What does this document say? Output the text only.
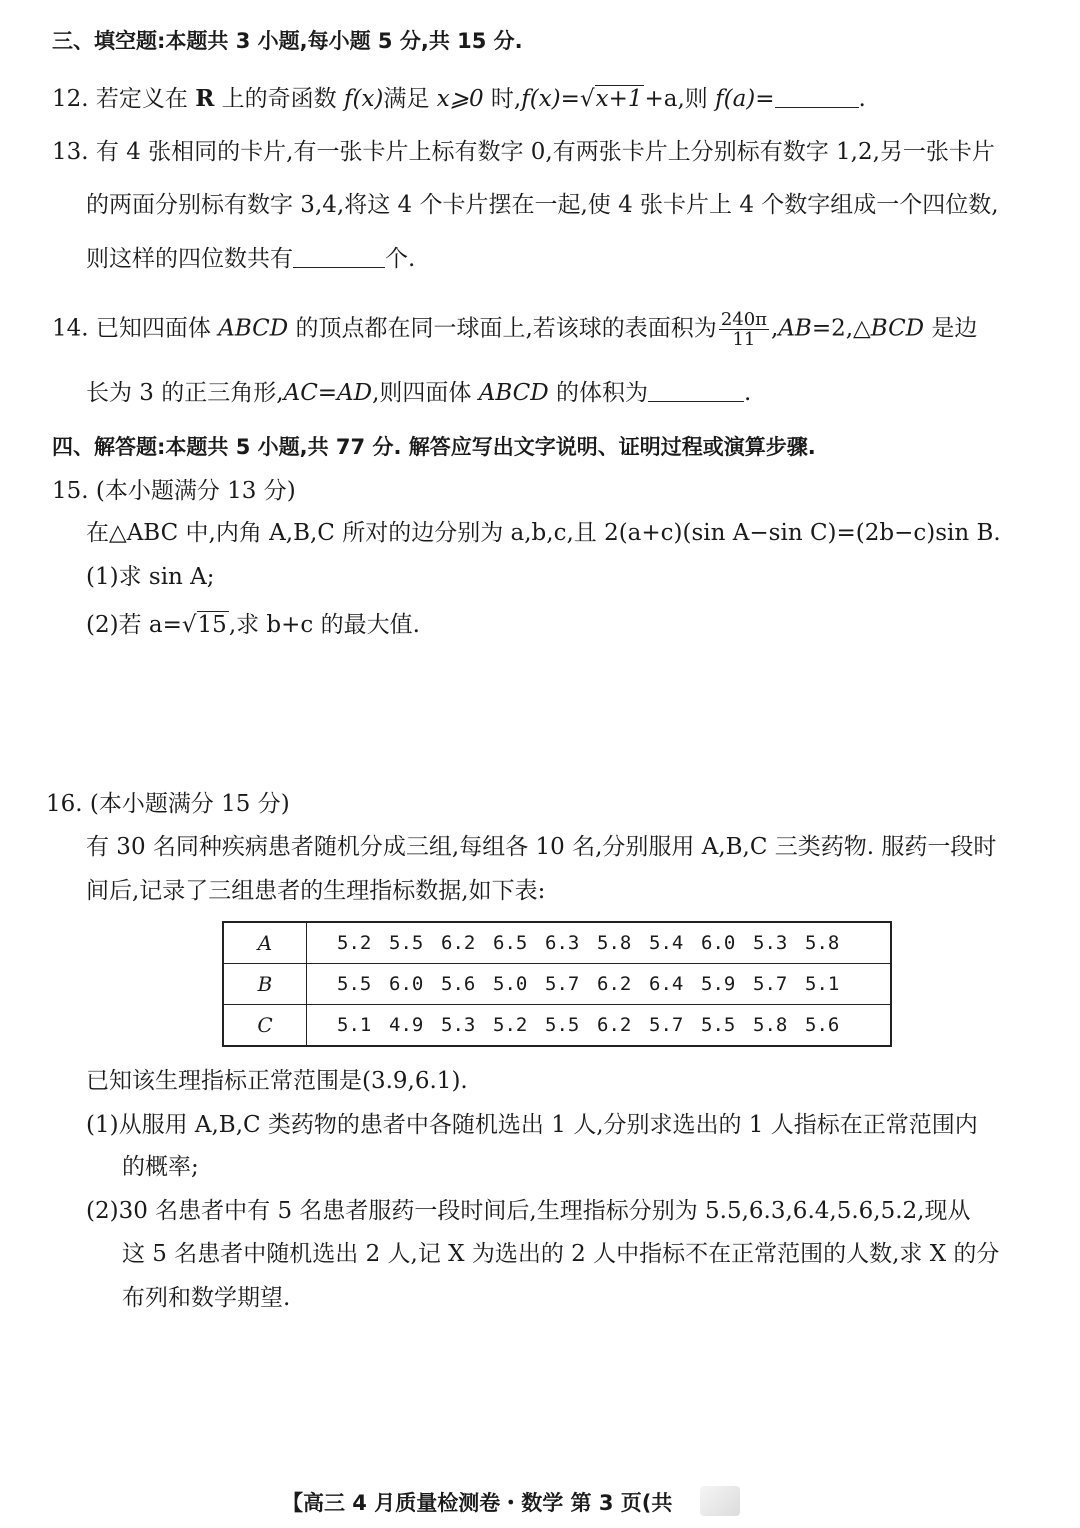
三、填空题:本题共 3 小题,每小题 5 分,共 15 分.
12. 若定义在 R 上的奇函数 f(x)满足 x⩾0 时,f(x)=√x+1+a,则 f(a)=	.
13. 有 4 张相同的卡片,有一张卡片上标有数字 0,有两张卡片上分别标有数字 1,2,另一张卡片
的两面分别标有数字 3,4,将这 4 个卡片摆在一起,使 4 张卡片上 4 个数字组成一个四位数,
则这样的四位数共有	个.
14. 已知四面体 ABCD 的顶点都在同一球面上,若该球的表面积为 $\frac{240\pi}{11}$ ,AB=2,△BCD 是边
长为 3 的正三角形,AC=AD,则四面体 ABCD 的体积为	.
四、解答题:本题共 5 小题,共 77 分. 解答应写出文字说明、证明过程或演算步骤.
15. (本小题满分 13 分)
在△ABC 中,内角 A,B,C 所对的边分别为 a,b,c,且 2(a+c)(sin A−sin C)=(2b−c)sin B.
(1)求 sin A;
(2)若 a=√15,求 b+c 的最大值.
16. (本小题满分 15 分)
有 30 名同种疾病患者随机分成三组,每组各 10 名,分别服用 A,B,C 三类药物. 服药一段时
间后,记录了三组患者的生理指标数据,如下表:
A	5.2 5.5 6.2 6.5 6.3 5.8 5.4 6.0 5.3 5.8
B	5.5 6.0 5.6 5.0 5.7 6.2 6.4 5.9 5.7 5.1
C	5.1 4.9 5.3 5.2 5.5 6.2 5.7 5.5 5.8 5.6
已知该生理指标正常范围是(3.9,6.1).
(1)从服用 A,B,C 类药物的患者中各随机选出 1 人,分别求选出的 1 人指标在正常范围内
的概率;
(2)30 名患者中有 5 名患者服药一段时间后,生理指标分别为 5.5,6.3,6.4,5.6,5.2,现从
这 5 名患者中随机选出 2 人,记 X 为选出的 2 人中指标不在正常范围的人数,求 X 的分
布列和数学期望.
【高三 4 月质量检测卷・数学 第 3 页(共
